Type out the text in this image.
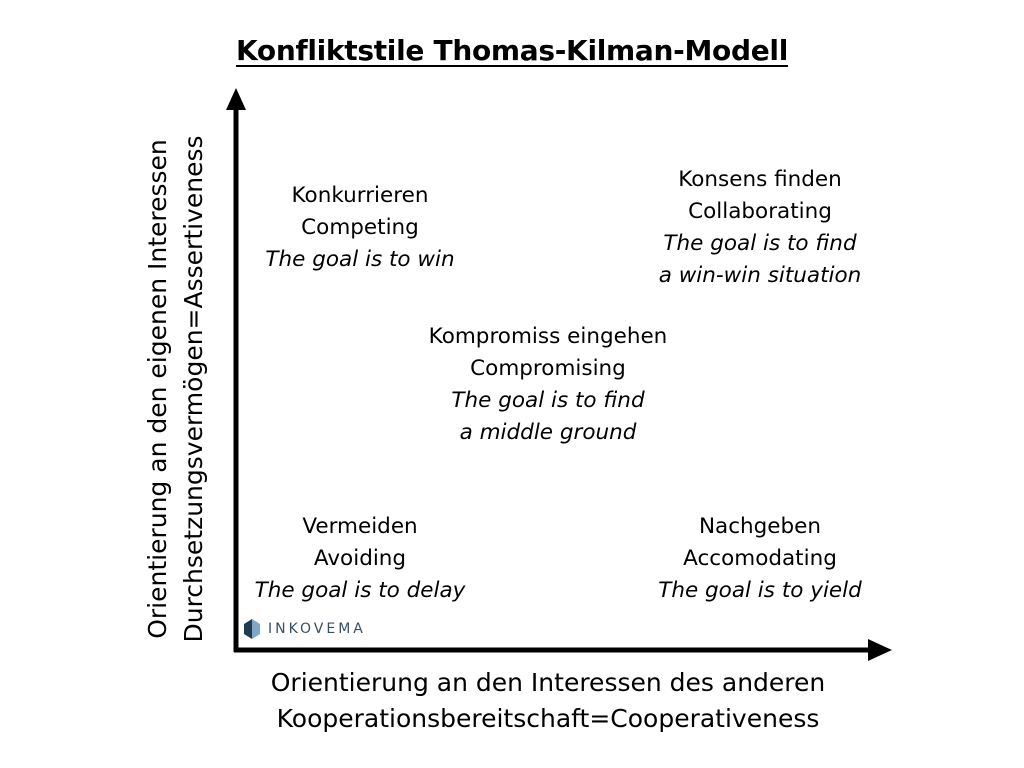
Konfliktstile Thomas-Kilman-Modell
Orientierung an den eigenen Interessen Durchsetzungsvermögen=Assertiveness
Orientierung an den Interessen des anderen
Kooperationsbereitschaft=Cooperativeness
Konkurrieren
Competing
The goal is to win
Konsens finden
Collaborating
The goal is to find
a win-win situation
Kompromiss eingehen
Compromising
The goal is to find
a middle ground
Vermeiden
Avoiding
The goal is to delay
Nachgeben
Accomodating
The goal is to yield
INKOVEMA
